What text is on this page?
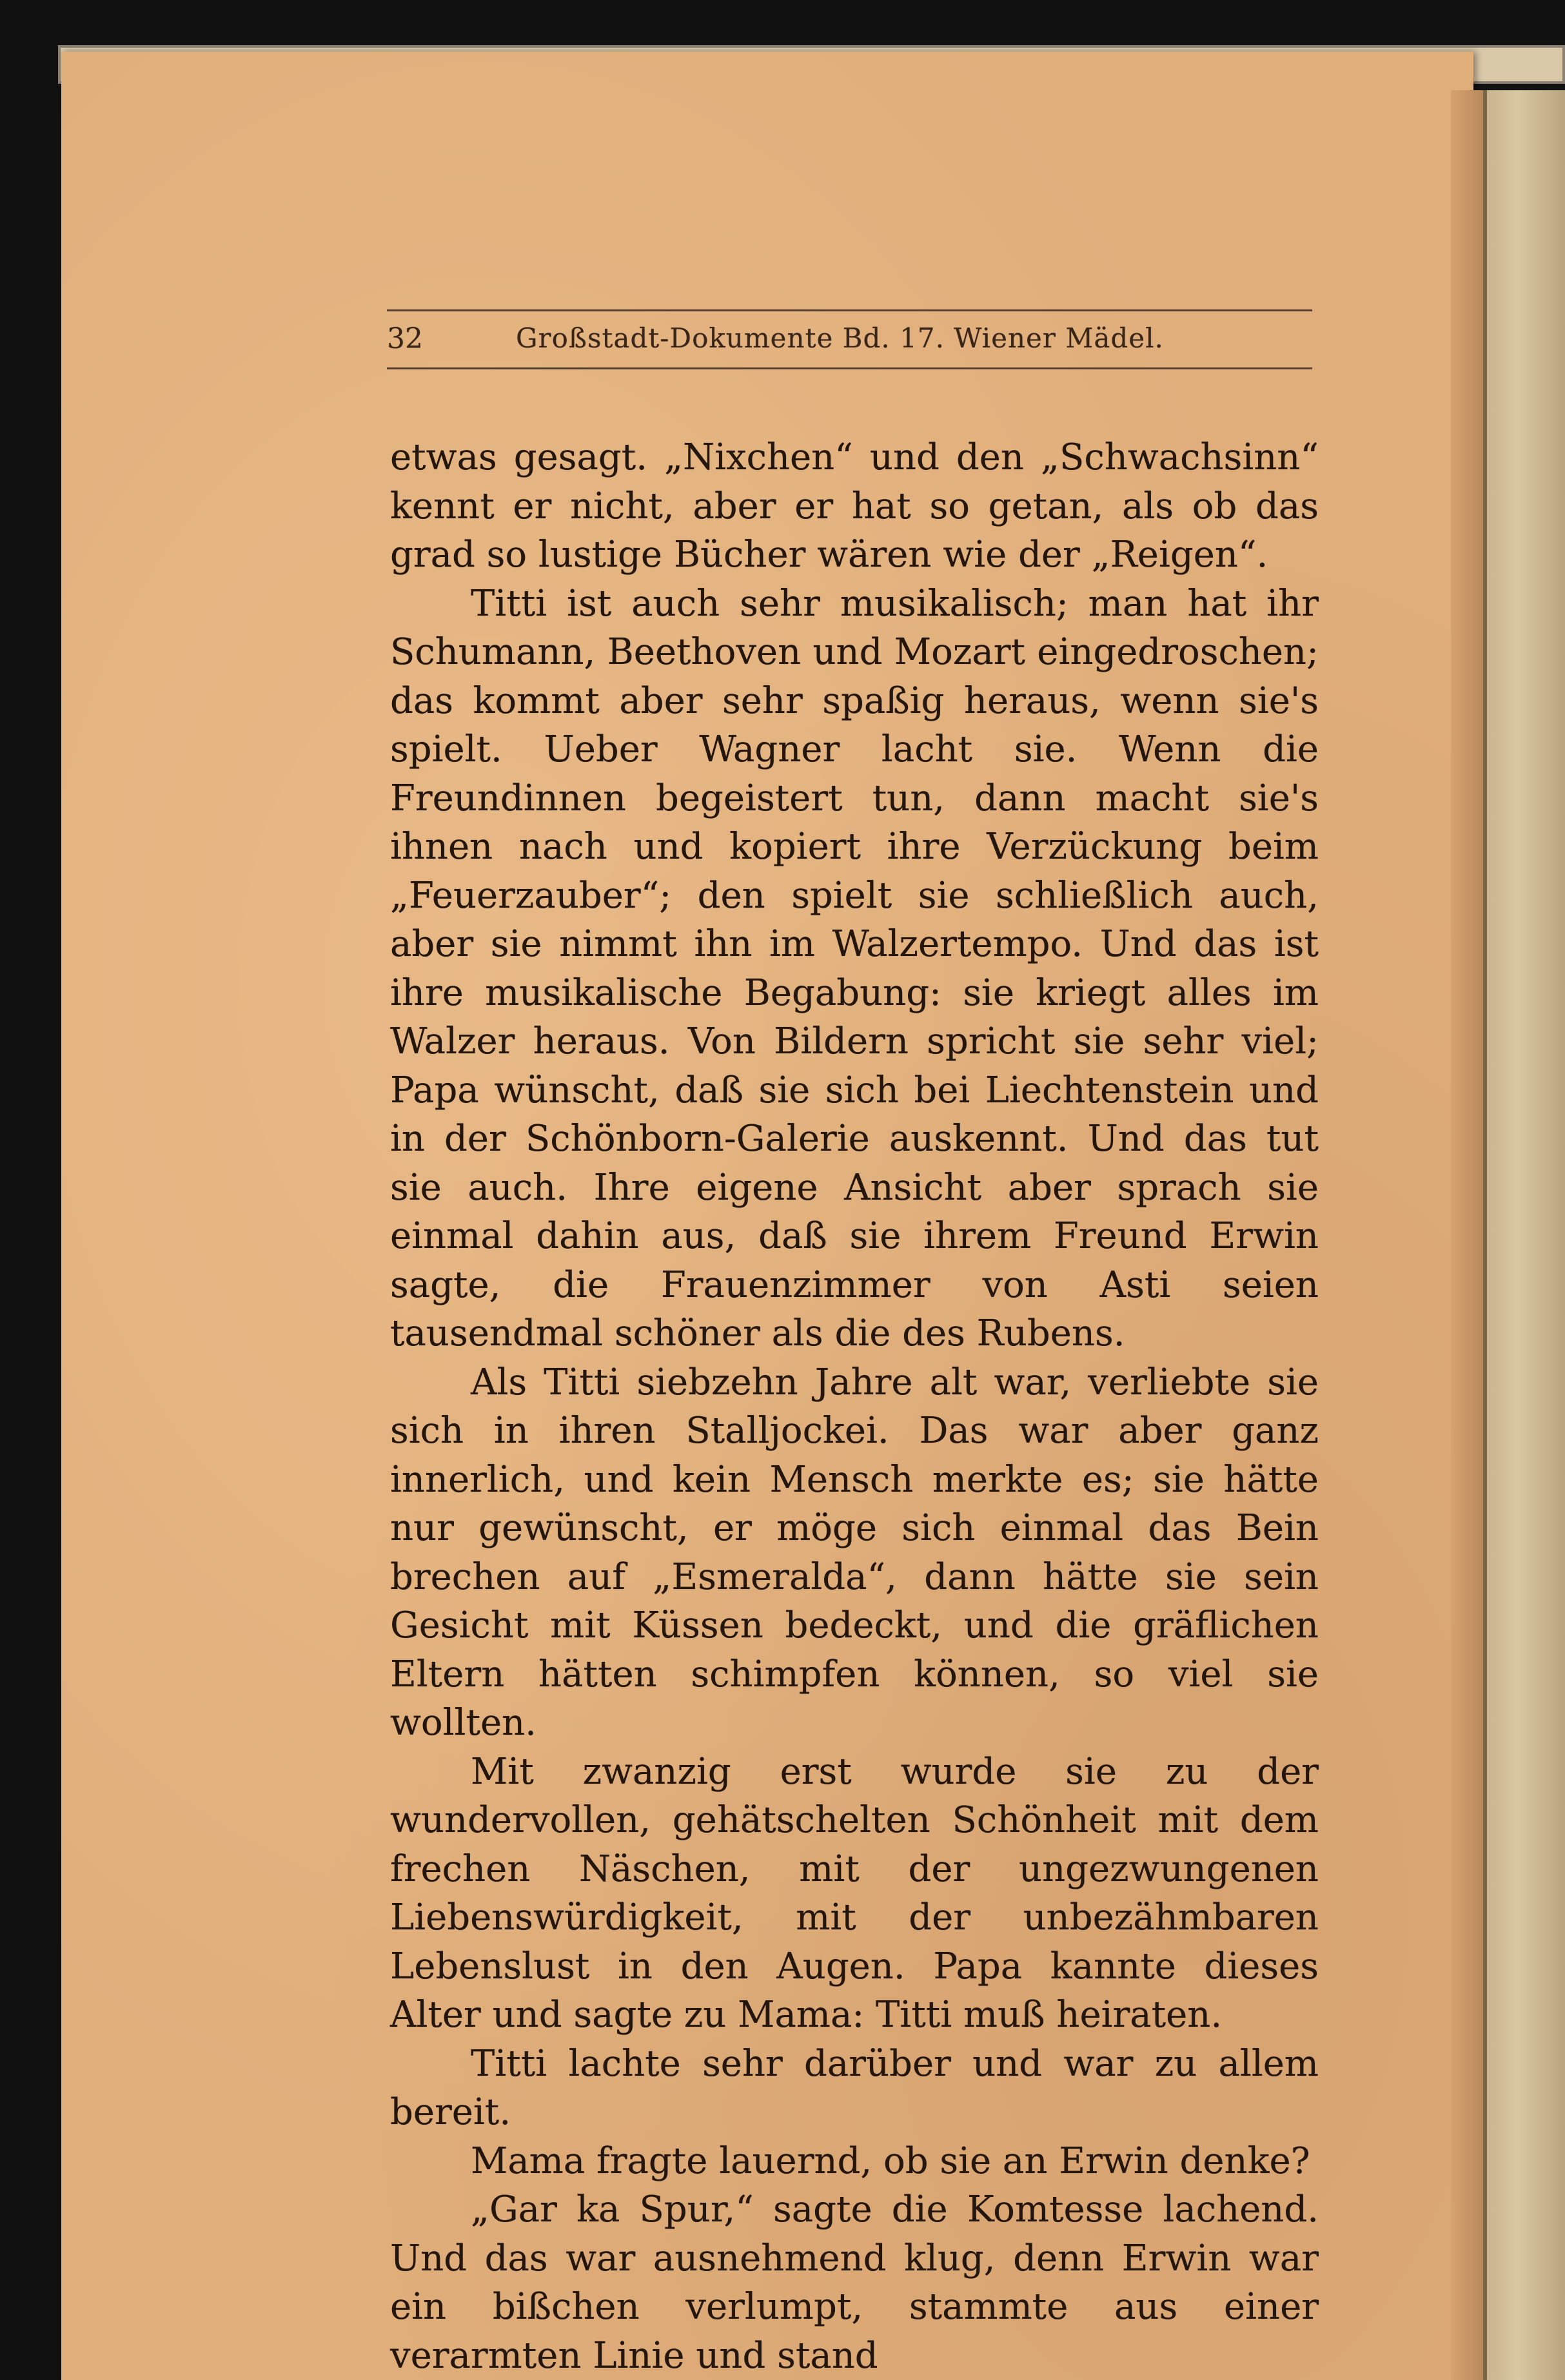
32	Großstadt-Dokumente Bd. 17. Wiener Mädel.

etwas gesagt. „Nixchen“ und den „Schwachsinn“ kennt er nicht, aber er hat so getan, als ob das grad so lustige Bücher wären wie der „Reigen“.

Titti ist auch sehr musikalisch; man hat ihr Schumann, Beethoven und Mozart eingedroschen; das kommt aber sehr spaßig heraus, wenn sie's spielt. Ueber Wagner lacht sie. Wenn die Freundinnen begeistert tun, dann macht sie's ihnen nach und kopiert ihre Verzückung beim „Feuerzauber“; den spielt sie schließlich auch, aber sie nimmt ihn im Walzertempo. Und das ist ihre musikalische Begabung: sie kriegt alles im Walzer heraus. Von Bildern spricht sie sehr viel; Papa wünscht, daß sie sich bei Liechtenstein und in der Schönborn-Galerie auskennt. Und das tut sie auch. Ihre eigene Ansicht aber sprach sie einmal dahin aus, daß sie ihrem Freund Erwin sagte, die Frauenzimmer von Asti seien tausendmal schöner als die des Rubens.

Als Titti siebzehn Jahre alt war, verliebte sie sich in ihren Stalljockei. Das war aber ganz innerlich, und kein Mensch merkte es; sie hätte nur gewünscht, er möge sich einmal das Bein brechen auf „Esmeralda“, dann hätte sie sein Gesicht mit Küssen bedeckt, und die gräflichen Eltern hätten schimpfen können, so viel sie wollten.

Mit zwanzig erst wurde sie zu der wundervollen, gehätschelten Schönheit mit dem frechen Näschen, mit der ungezwungenen Liebenswürdigkeit, mit der unbezähmbaren Lebenslust in den Augen. Papa kannte dieses Alter und sagte zu Mama: Titti muß heiraten.

Titti lachte sehr darüber und war zu allem bereit.

Mama fragte lauernd, ob sie an Erwin denke?

„Gar ka Spur,“ sagte die Komtesse lachend. Und das war ausnehmend klug, denn Erwin war ein bißchen verlumpt, stammte aus einer verarmten Linie und stand
